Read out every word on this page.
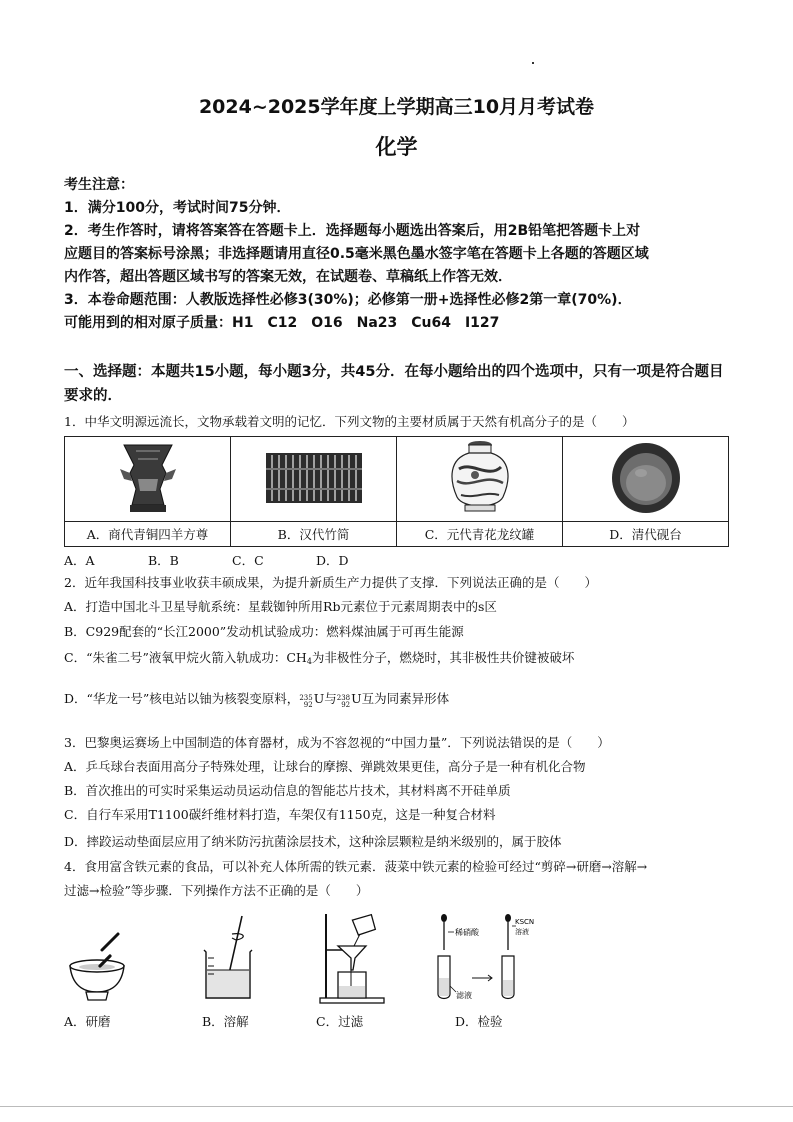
2024~2025学年度上学期高三10月月考试卷
化学
考生注意：
1．满分100分，考试时间75分钟．
2．考生作答时，请将答案答在答题卡上．选择题每小题选出答案后，用2B铅笔把答题卡上对
应题目的答案标号涂黑；非选择题请用直径0.5毫米黑色墨水签字笔在答题卡上各题的答题区域
内作答，超出答题区域书写的答案无效，在试题卷、草稿纸上作答无效．
3．本卷命题范围：人教版选择性必修3(30%)；必修第一册+选择性必修2第一章(70%)．
可能用到的相对原子质量：H1　C12　O16　Na23　Cu64　I127
一、选择题：本题共15小题，每小题3分，共45分．在每小题给出的四个选项中，只有一项是符合题目要求的．
1．中华文明源远流长，文物承载着文明的记忆．下列文物的主要材质属于天然有机高分子的是（　　）

A．商代青铜四羊方尊	B．汉代竹简	C．元代青花龙纹罐	D．清代砚台
A．A	B．B	C．C	D．D
2．近年我国科技事业收获丰硕成果，为提升新质生产力提供了支撑．下列说法正确的是（　　）
A．打造中国北斗卫星导航系统：星载铷钟所用Rb元素位于元素周期表中的s区
B．C929配套的“长江2000”发动机试验成功：燃料煤油属于可再生能源
C．“朱雀二号”液氧甲烷火箭入轨成功：$CH_4$为非极性分子，燃烧时，其非极性共价键被破坏
D．“华龙一号”核电站以铀为核裂变原料，235
92U与238
92U互为同素异形体
3．巴黎奥运赛场上中国制造的体育器材，成为不容忽视的“中国力量”．下列说法错误的是（　　）
A．乒乓球台表面用高分子特殊处理，让球台的摩擦、弹跳效果更佳，高分子是一种有机化合物
B．首次推出的可实时采集运动员运动信息的智能芯片技术，其材料离不开硅单质
C．自行车采用T1100碳纤维材料打造，车架仅有1150克，这是一种复合材料
D．摔跤运动垫面层应用了纳米防污抗菌涂层技术，这种涂层颗粒是纳米级别的，属于胶体
4．食用富含铁元素的食品，可以补充人体所需的铁元素．菠菜中铁元素的检验可经过“剪碎→研磨→溶解→
过滤→检验”等步骤．下列操作方法不正确的是（　　）
稀硝酸
滤液
KSCN
溶液
A．研磨	B．溶解	C．过滤	D．检验
